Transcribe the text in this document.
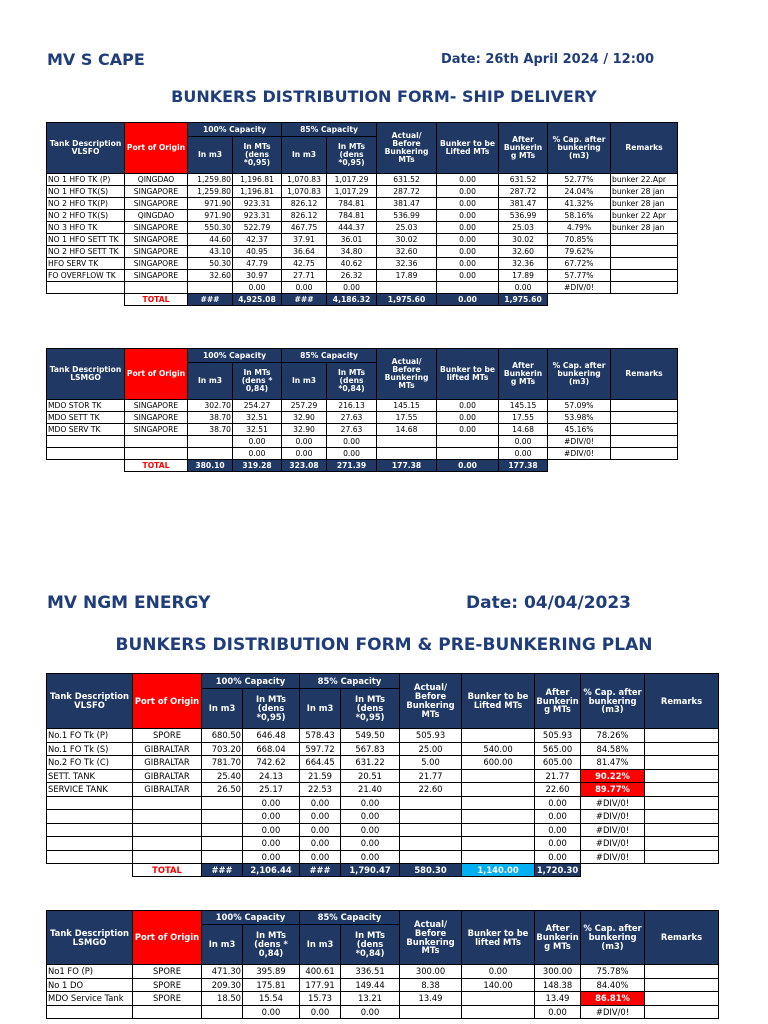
MV S CAPE	Date: 26th April 2024 / 12:00
BUNKERS DISTRIBUTION FORM- SHIP DELIVERY
Tank Description VLSFO	Port of Origin	100% Capacity		85% Capacity		Actual/ Before Bunkering MTs	Bunker to be Lifted MTs	After Bunkerin g MTs	% Cap. after bunkering (m3)	Remarks
		In m3	In MTs (dens *0,95)	In m3	In MTs (dens *0,95)					
NO 1 HFO TK (P)	QINGDAO	1,259.80	1,196.81	1,070.83	1,017.29	631.52	0.00	631.52	52.77%	bunker 22.Apr
NO 1 HFO TK(S)	SINGAPORE	1,259.80	1,196.81	1,070.83	1,017.29	287.72	0.00	287.72	24.04%	bunker 28 jan
NO 2 HFO TK(P)	SINGAPORE	971.90	923.31	826.12	784.81	381.47	0.00	381.47	41.32%	bunker 28 jan
NO 2 HFO TK(S)	QINGDAO	971.90	923.31	826.12	784.81	536.99	0.00	536.99	58.16%	bunker 22 Apr
NO 3 HFO TK	SINGAPORE	550.30	522.79	467.75	444.37	25.03	0.00	25.03	4.79%	bunker 28 jan
NO 1 HFO SETT TK	SINGAPORE	44.60	42.37	37.91	36.01	30.02	0.00	30.02	70.85%	
NO 2 HFO SETT TK	SINGAPORE	43.10	40.95	36.64	34.80	32.60	0.00	32.60	79.62%	
HFO SERV TK	SINGAPORE	50.30	47.79	42.75	40.62	32.36	0.00	32.36	67.72%	
FO OVERFLOW TK	SINGAPORE	32.60	30.97	27.71	26.32	17.89	0.00	17.89	57.77%	
			0.00	0.00	0.00			0.00	#DIV/0!	
	TOTAL	###	4,925.08	###	4,186.32	1,975.60	0.00	1,975.60		
Tank Description LSMGO	Port of Origin	100% Capacity		85% Capacity		Actual/ Before Bunkering MTs	Bunker to be lifted MTs	After Bunkerin g MTs	% Cap. after bunkering (m3)	Remarks
		In m3	In MTs (dens * 0,84)	In m3	In MTs (dens *0,84)					
MDO STOR TK	SINGAPORE	302.70	254.27	257.29	216.13	145.15	0.00	145.15	57.09%	
MDO SETT TK	SINGAPORE	38.70	32.51	32.90	27.63	17.55	0.00	17.55	53.98%	
MDO SERV TK	SINGAPORE	38.70	32.51	32.90	27.63	14.68	0.00	14.68	45.16%	
			0.00	0.00	0.00			0.00	#DIV/0!	
			0.00	0.00	0.00			0.00	#DIV/0!	
	TOTAL	380.10	319.28	323.08	271.39	177.38	0.00	177.38		
MV NGM ENERGY	Date: 04/04/2023
BUNKERS DISTRIBUTION FORM & PRE-BUNKERING PLAN
Tank Description VLSFO	Port of Origin	100% Capacity		85% Capacity		Actual/ Before Bunkering MTs	Bunker to be Lifted MTs	After Bunkerin g MTs	% Cap. after bunkering (m3)	Remarks
		In m3	In MTs (dens *0,95)	In m3	In MTs (dens *0,95)					
No.1 FO Tk (P)	SPORE	680.50	646.48	578.43	549.50	505.93		505.93	78.26%	
No.1 FO Tk (S)	GIBRALTAR	703.20	668.04	597.72	567.83	25.00	540.00	565.00	84.58%	
No.2 FO Tk (C)	GIBRALTAR	781.70	742.62	664.45	631.22	5.00	600.00	605.00	81.47%	
SETT. TANK	GIBRALTAR	25.40	24.13	21.59	20.51	21.77		21.77	90.22%	
SERVICE TANK	GIBRALTAR	26.50	25.17	22.53	21.40	22.60		22.60	89.77%	
			0.00	0.00	0.00			0.00	#DIV/0!	
			0.00	0.00	0.00			0.00	#DIV/0!	
			0.00	0.00	0.00			0.00	#DIV/0!	
			0.00	0.00	0.00			0.00	#DIV/0!	
			0.00	0.00	0.00			0.00	#DIV/0!	
	TOTAL	###	2,106.44	###	1,790.47	580.30	1,140.00	1,720.30		
Tank Description LSMGO	Port of Origin	100% Capacity		85% Capacity		Actual/ Before Bunkering MTs	Bunker to be lifted MTs	After Bunkerin g MTs	% Cap. after bunkering (m3)	Remarks
		In m3	In MTs (dens * 0,84)	In m3	In MTs (dens *0,84)					
No1 FO (P)	SPORE	471.30	395.89	400.61	336.51	300.00	0.00	300.00	75.78%	
No 1 DO	SPORE	209.30	175.81	177.91	149.44	8.38	140.00	148.38	84.40%	
MDO Service Tank	SPORE	18.50	15.54	15.73	13.21	13.49		13.49	86.81%	
			0.00	0.00	0.00			0.00	#DIV/0!	
